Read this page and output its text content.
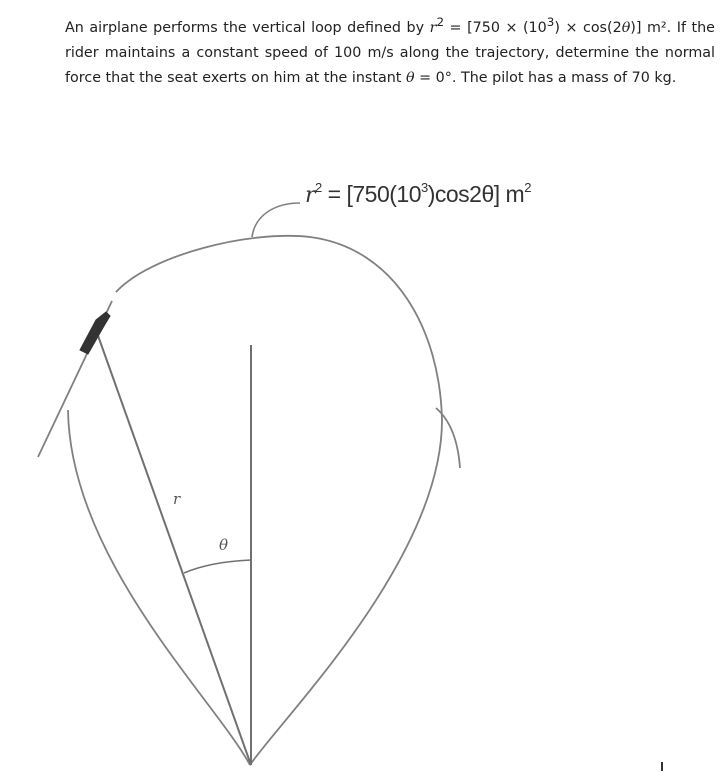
An airplane performs the vertical loop defined by $r^2 = [750 \times (10^3) \times \cos(2\theta)]$ m². If the rider maintains a constant speed of 100 m/s along the trajectory, determine the normal force that the seat exerts on him at the instant θ = 0°. The pilot has a mass of 70 kg.

$r^2 = [750(10^3)\cos 2\theta]$ $m^2$
r
θ
